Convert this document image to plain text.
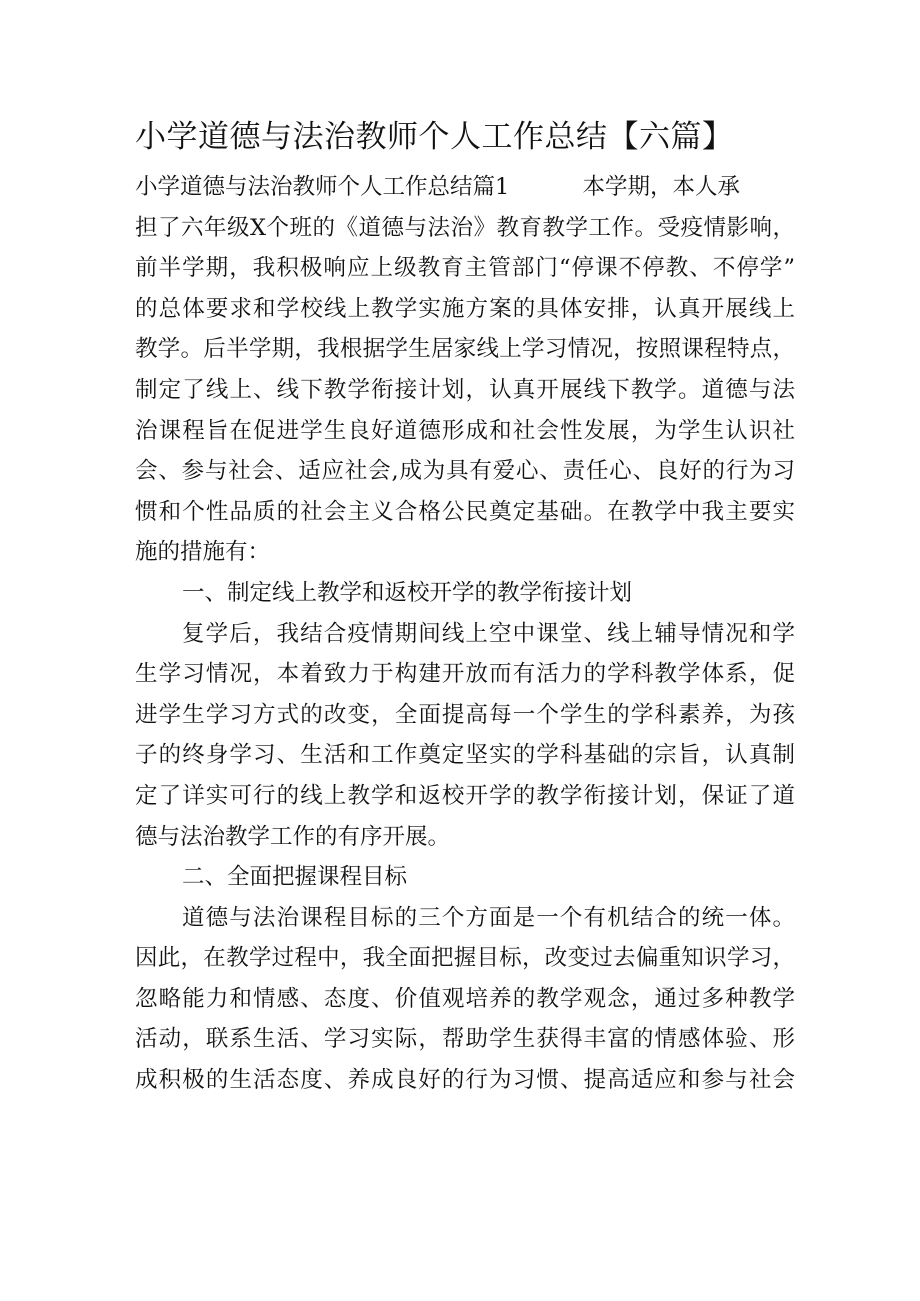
小学道德与法治教师个人工作总结【六篇】
小学道德与法治教师个人工作总结篇1	本学期，本人承
担了六年级X个班的《道德与法治》教育教学工作。受疫情影响，
前半学期，我积极响应上级教育主管部门“停课不停教、不停学”
的总体要求和学校线上教学实施方案的具体安排，认真开展线上
教学。后半学期，我根据学生居家线上学习情况，按照课程特点，
制定了线上、线下教学衔接计划，认真开展线下教学。道德与法
治课程旨在促进学生良好道德形成和社会性发展，为学生认识社
会、参与社会、适应社会,成为具有爱心、责任心、良好的行为习
惯和个性品质的社会主义合格公民奠定基础。在教学中我主要实
施的措施有：
一、制定线上教学和返校开学的教学衔接计划
复学后，我结合疫情期间线上空中课堂、线上辅导情况和学
生学习情况，本着致力于构建开放而有活力的学科教学体系，促
进学生学习方式的改变，全面提高每一个学生的学科素养，为孩
子的终身学习、生活和工作奠定坚实的学科基础的宗旨，认真制
定了详实可行的线上教学和返校开学的教学衔接计划，保证了道
德与法治教学工作的有序开展。
二、全面把握课程目标
道德与法治课程目标的三个方面是一个有机结合的统一体。
因此，在教学过程中，我全面把握目标，改变过去偏重知识学习，
忽略能力和情感、态度、价值观培养的教学观念，通过多种教学
活动，联系生活、学习实际，帮助学生获得丰富的情感体验、形
成积极的生活态度、养成良好的行为习惯、提高适应和参与社会
